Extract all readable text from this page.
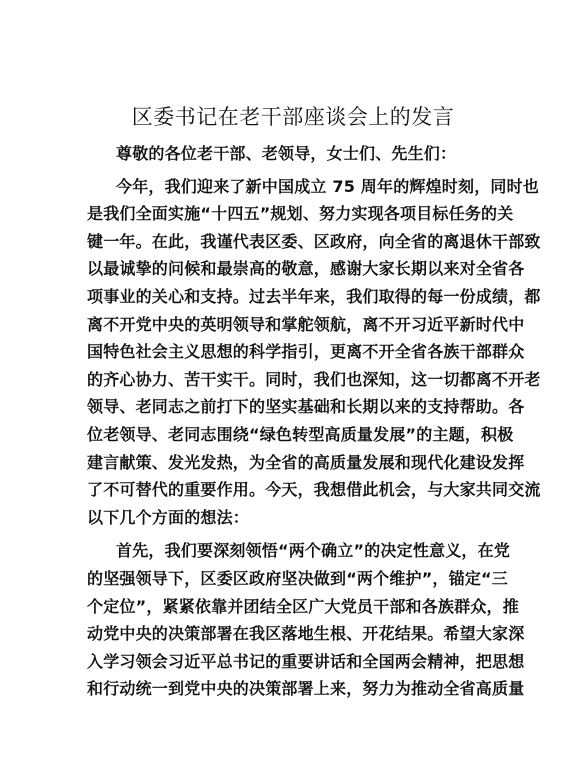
区委书记在老干部座谈会上的发言
尊敬的各位老干部、老领导，女士们、先生们：
今年，我们迎来了新中国成立 75 周年的辉煌时刻，同时也
是我们全面实施“十四五”规划、努力实现各项目标任务的关
键一年。在此，我谨代表区委、区政府，向全省的离退休干部致
以最诚挚的问候和最崇高的敬意，感谢大家长期以来对全省各
项事业的关心和支持。过去半年来，我们取得的每一份成绩，都
离不开党中央的英明领导和掌舵领航，离不开习近平新时代中
国特色社会主义思想的科学指引，更离不开全省各族干部群众
的齐心协力、苦干实干。同时，我们也深知，这一切都离不开老
领导、老同志之前打下的坚实基础和长期以来的支持帮助。各
位老领导、老同志围绕“绿色转型高质量发展”的主题，积极
建言献策、发光发热，为全省的高质量发展和现代化建设发挥
了不可替代的重要作用。今天，我想借此机会，与大家共同交流
以下几个方面的想法：
首先，我们要深刻领悟“两个确立”的决定性意义，在党
的坚强领导下，区委区政府坚决做到“两个维护”，锚定“三
个定位”，紧紧依靠并团结全区广大党员干部和各族群众，推
动党中央的决策部署在我区落地生根、开花结果。希望大家深
入学习领会习近平总书记的重要讲话和全国两会精神，把思想
和行动统一到党中央的决策部署上来，努力为推动全省高质量
